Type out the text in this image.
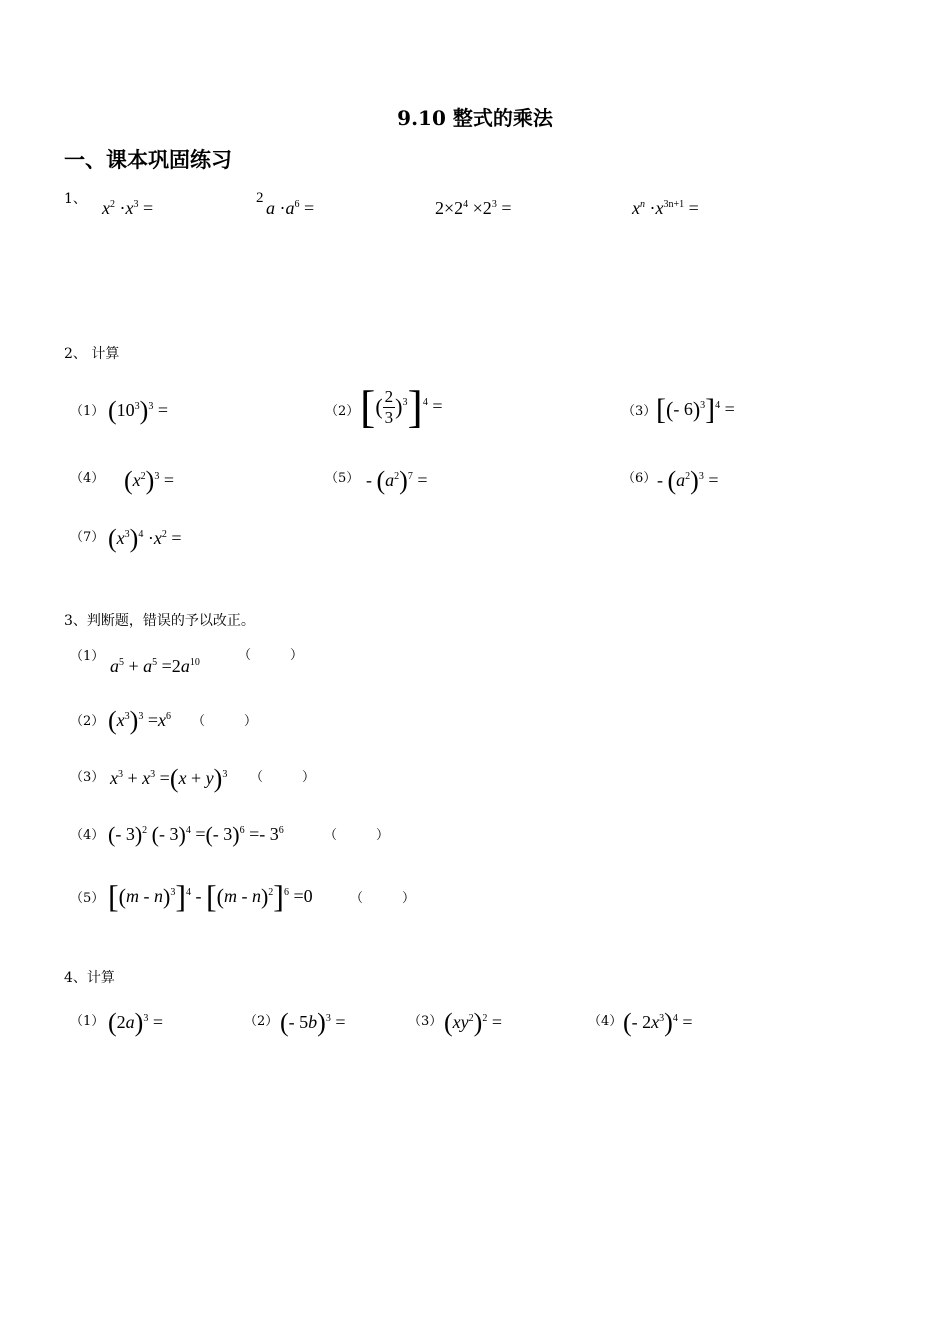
9.10 整式的乘法
一、课本巩固练习
1、 $x^2 \cdot x^3$ =	2 $a \cdot a^6$ =	$2\times 2^4 \times 2^3$ =	$x^n \cdot x^{3n+1}$ =
2、 计算
（1） $(10^3)^3$ =	（2） [( $\frac{2}{3} )^3]^4$ =	（3） [(- 6)$^3$]$^4$ =
（4） $(x^2)^3$ =	$(5) - (a^2)^7$ =	$(6) - (a^2)^3$ =
（7） $(x^3)^4 \cdot x^2$ =
3、判断题，错误的予以改正。
（1） $a^5 + a^5 =2a^{10}$	（　　　）
（2） $(x^3)^3 =x^6$ （　　　）
（3） $x^3 + x^3 =(x + y)^3$ （　　　）
（4） (- 3)$^2$ (- 3)$^4$ =(- $3)^6 =- 3^6$	（　　　）
（5） [(m - n)$^3$]$^4$ - [(m - n)$^2$]$^6$ =0	（　　　）
4、计算
（1） $(2a)^3$ =	（2） (- 5b)$^3$ =	（3） $(xy^2)^2$ =	（4） (- $2x^3)^4$ =
